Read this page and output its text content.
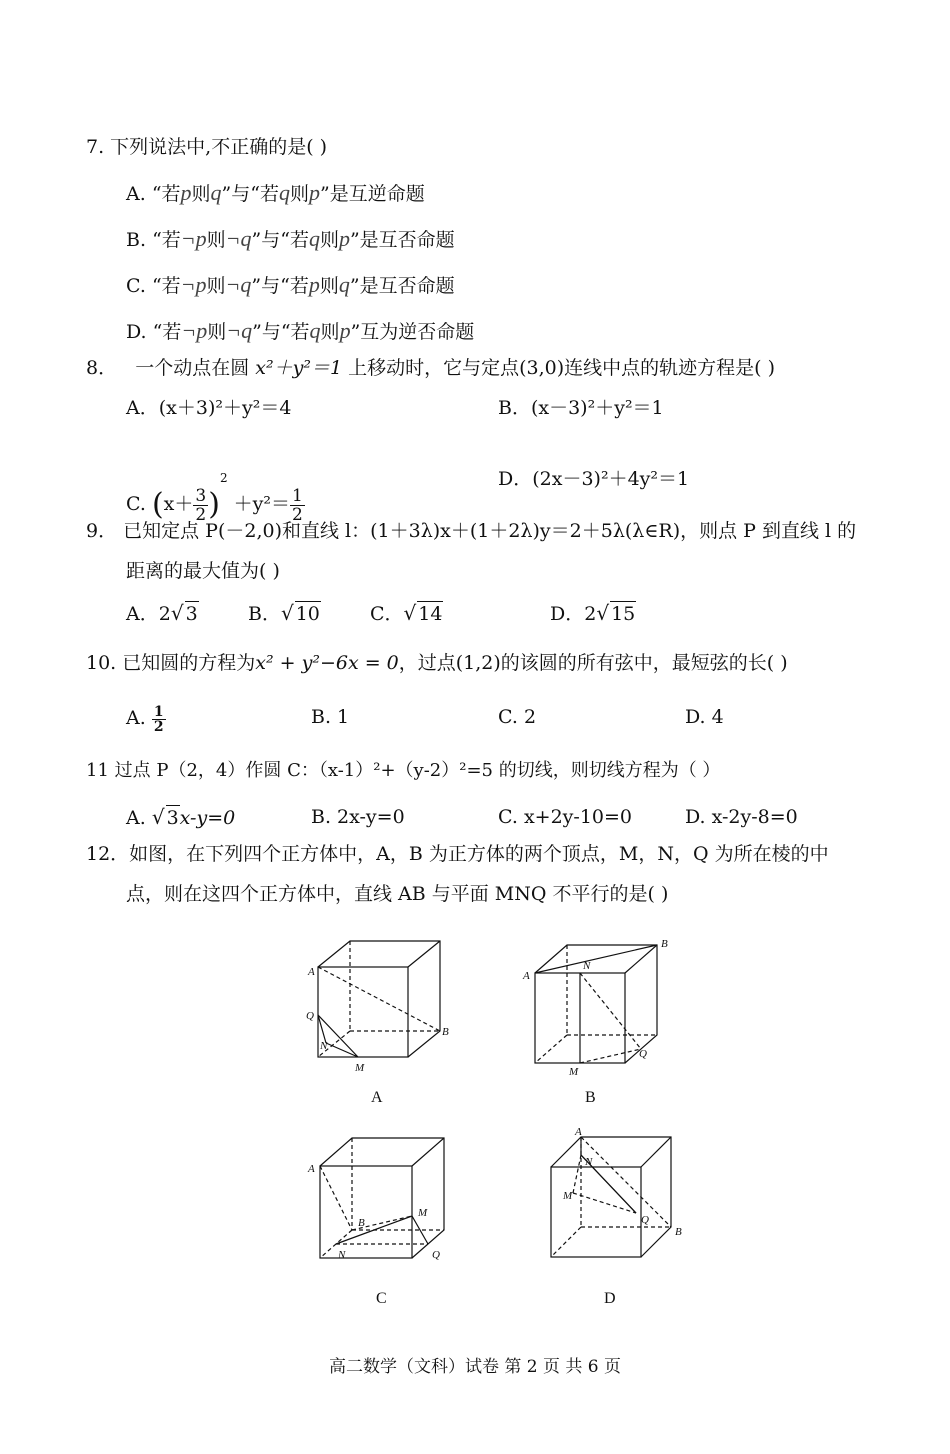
7. 下列说法中,不正确的是( )
A. “若p则q”与“若q则p”是互逆命题
B. “若¬p则¬q”与“若q则p”是互否命题
C. “若¬p则¬q”与“若p则q”是互否命题
D. “若¬p则¬q”与“若q则p”互为逆否命题
8． 一个动点在圆 x²＋y²＝1 上移动时，它与定点(3,0)连线中点的轨迹方程是( )
A．(x＋3)²＋y²＝4	B．(x－3)²＋y²＝1
C. $(x+ \frac{3}{2} )^2 +y^2= \frac{1}{2}$
D．(2x－3)²＋4y²＝1
9． 已知定点 P(－2,0)和直线 l：(1＋3λ)x＋(1＋2λ)y＝2＋5λ(λ∈R)，则点 P 到直线 l 的
距离的最大值为( )
A．2√ 3	B．√ 10	C．√ 14	D．2√ 15
10. 已知圆的方程为x² + y²−6x = 0，过点(1,2)的该圆的所有弦中，最短弦的长( )
A. $\frac{1}{2}$	B. 1	C. 2	D. 4
11 过点 P（2，4）作圆 C：（x-1）²+（y-2）²=5 的切线，则切线方程为（ ）
A. √ 3x-y=0	B. 2x-y=0	C. x+2y-10=0	D. x-2y-8=0
12．如图，在下列四个正方体中，A，B 为正方体的两个顶点，M，N，Q 为所在棱的中
点，则在这四个正方体中，直线 AB 与平面 MNQ 不平行的是( )
A
B
Q
N
M
A
B
N
Q
M
A	B
A
B
M
N	Q
A
B
N
M
Q
C	D
高二数学（文科）试卷 第 2 页 共 6 页
